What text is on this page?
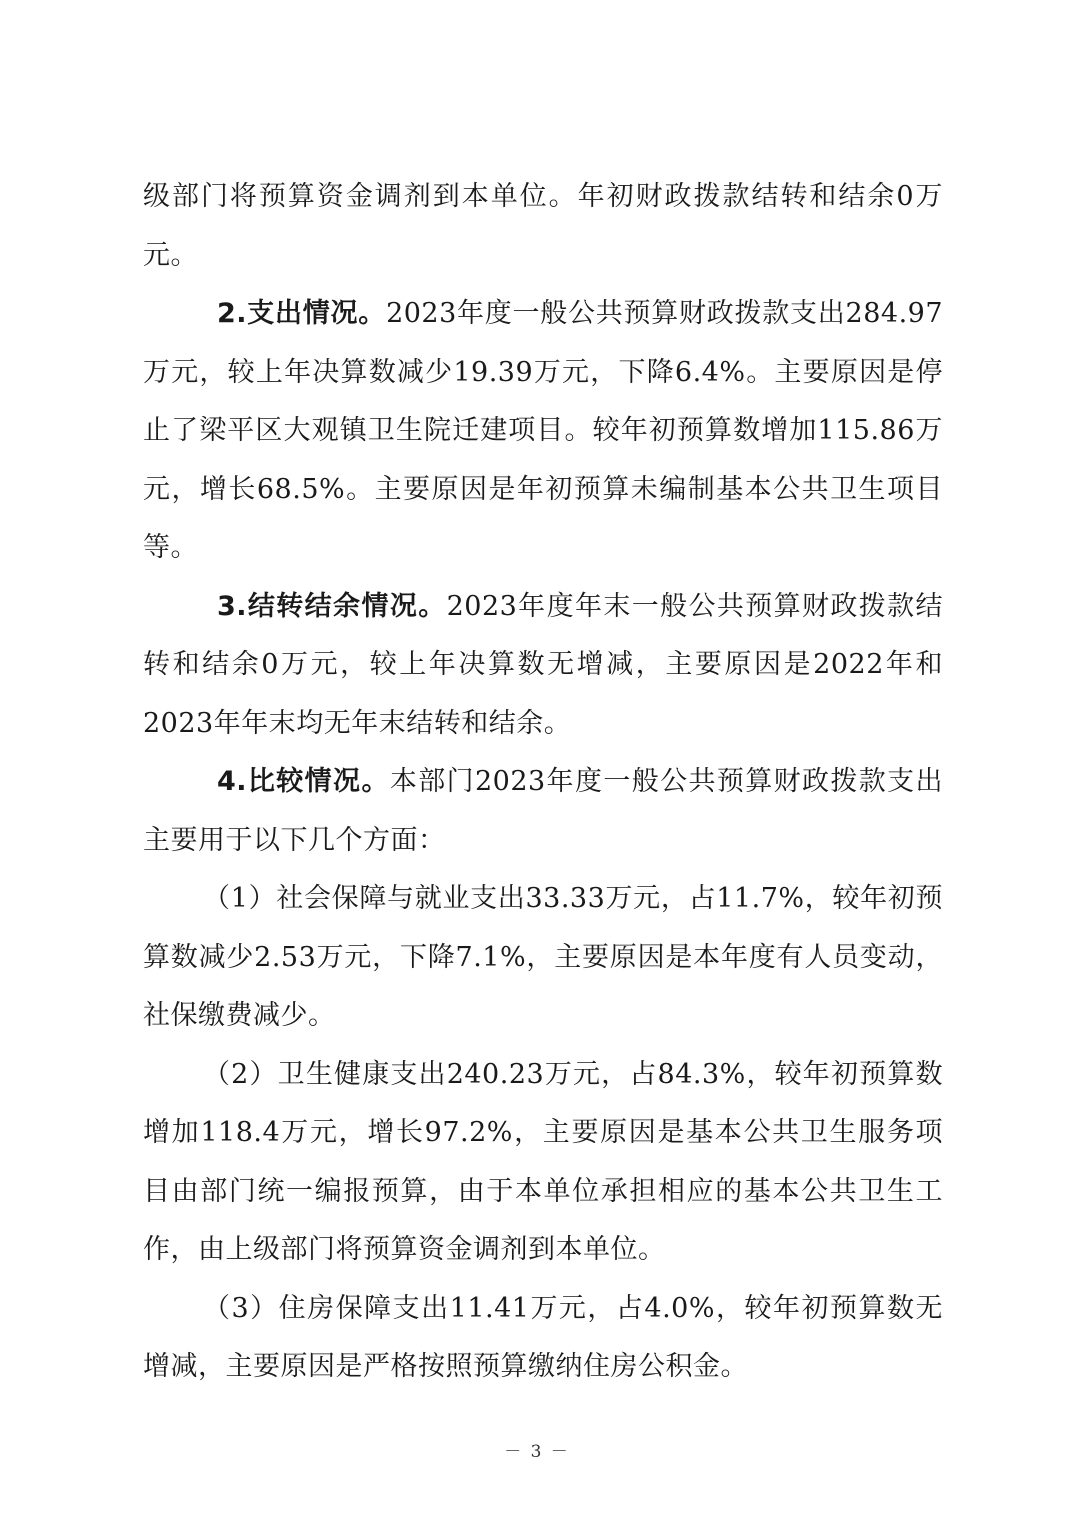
级部门将预算资金调剂到本单位。年初财政拨款结转和结余0万元。

2.支出情况。2023年度一般公共预算财政拨款支出284.97万元，较上年决算数减少19.39万元，下降6.4%。主要原因是停止了梁平区大观镇卫生院迁建项目。较年初预算数增加115.86万元，增长68.5%。主要原因是年初预算未编制基本公共卫生项目等。

3.结转结余情况。2023年度年末一般公共预算财政拨款结转和结余0万元，较上年决算数无增减，主要原因是2022年和2023年年末均无年末结转和结余。

4.比较情况。本部门2023年度一般公共预算财政拨款支出主要用于以下几个方面：

（1）社会保障与就业支出33.33万元，占11.7%，较年初预算数减少2.53万元，下降7.1%，主要原因是本年度有人员变动，社保缴费减少。

（2）卫生健康支出240.23万元，占84.3%，较年初预算数增加118.4万元，增长97.2%，主要原因是基本公共卫生服务项目由部门统一编报预算，由于本单位承担相应的基本公共卫生工作，由上级部门将预算资金调剂到本单位。

（3）住房保障支出11.41万元，占4.0%，较年初预算数无增减，主要原因是严格按照预算缴纳住房公积金。

－ 3 －
